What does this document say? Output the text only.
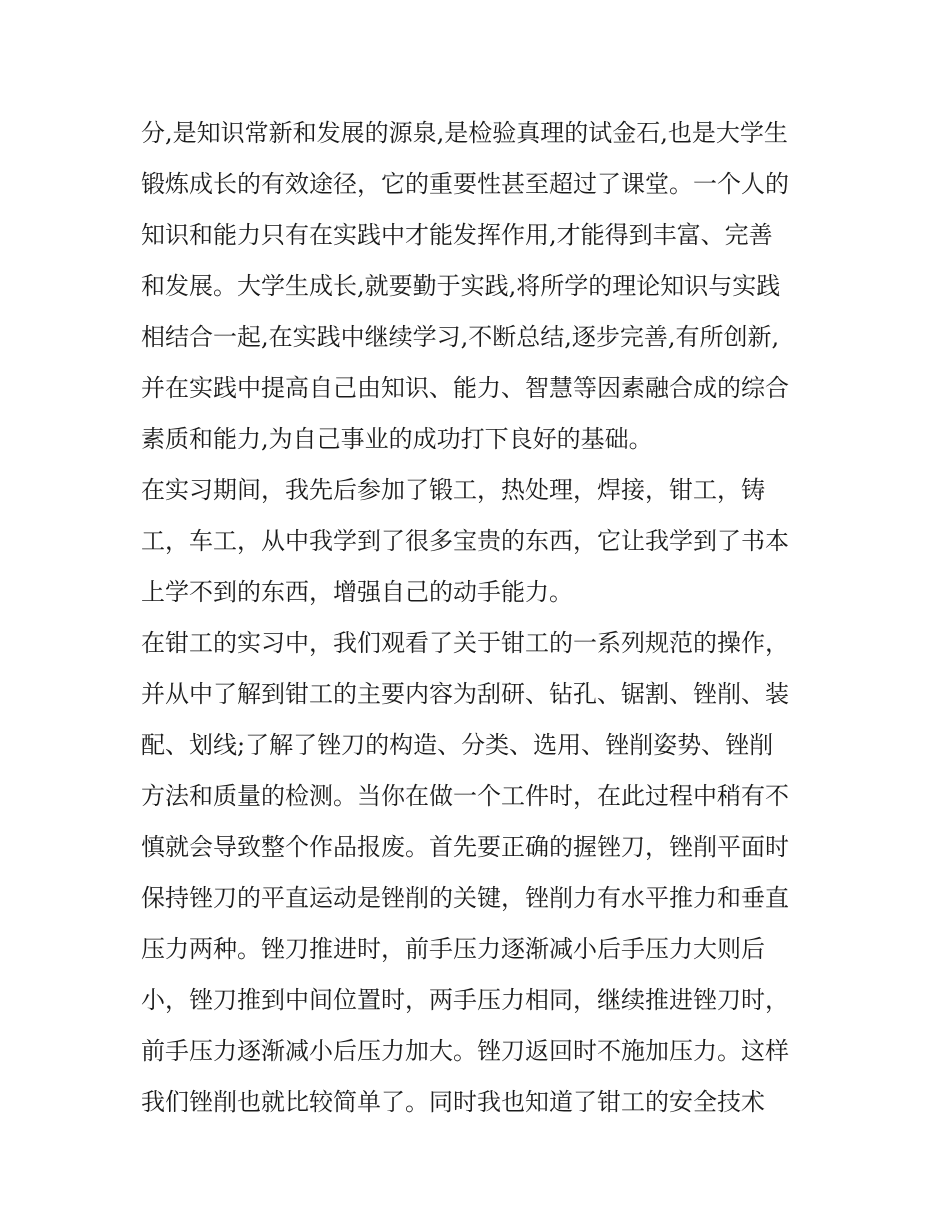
分,是知识常新和发展的源泉,是检验真理的试金石,也是大学生
锻炼成长的有效途径，它的重要性甚至超过了课堂。一个人的
知识和能力只有在实践中才能发挥作用,才能得到丰富、完善
和发展。大学生成长,就要勤于实践,将所学的理论知识与实践
相结合一起,在实践中继续学习,不断总结,逐步完善,有所创新,
并在实践中提高自己由知识、能力、智慧等因素融合成的综合
素质和能力,为自己事业的成功打下良好的基础。
在实习期间，我先后参加了锻工，热处理，焊接，钳工，铸
工，车工，从中我学到了很多宝贵的东西，它让我学到了书本
上学不到的东西，增强自己的动手能力。
在钳工的实习中，我们观看了关于钳工的一系列规范的操作，
并从中了解到钳工的主要内容为刮研、钻孔、锯割、锉削、装
配、划线;了解了锉刀的构造、分类、选用、锉削姿势、锉削
方法和质量的检测。当你在做一个工件时，在此过程中稍有不
慎就会导致整个作品报废。首先要正确的握锉刀，锉削平面时
保持锉刀的平直运动是锉削的关键，锉削力有水平推力和垂直
压力两种。锉刀推进时，前手压力逐渐减小后手压力大则后
小，锉刀推到中间位置时，两手压力相同，继续推进锉刀时，
前手压力逐渐减小后压力加大。锉刀返回时不施加压力。这样
我们锉削也就比较简单了。同时我也知道了钳工的安全技术
